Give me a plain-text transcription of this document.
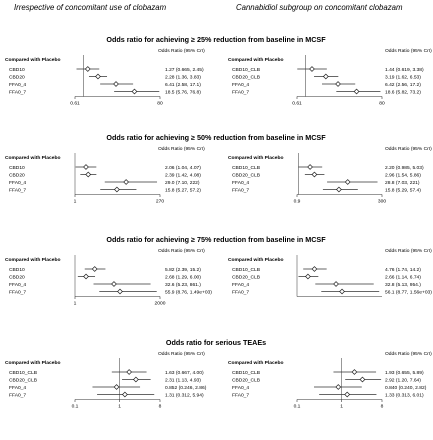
Irrespective of concomitant use of clobazam	Cannabidiol subgroup on concomitant clobazam
Odds ratio for achieving ≥ 25% reduction from baseline in MCSF
Odds Ratio (95% CrI)
Compared with Placebo
0.61	80
CBD10	1.27 (0.665, 2.45)
CBD20	2.28 (1.36, 3.83)
FFA0_4	6.41 (2.58, 17.1)
FFA0_7	18.5 (5.76, 76.8)
Odds Ratio (95% CrI)
Compared with Placebo
0.61	80
CBD10_CLB	1.44 (0.619, 3.38)
CBD20_CLB	3.19 (1.62, 6.53)
FFA0_4	6.42 (2.56, 17.2)
FFA0_7	18.6 (5.82, 73.2)
Odds ratio for achieving ≥ 50% reduction from baseline in MCSF
Odds Ratio (95% CrI)
Compared with Placebo
1	270
CBD10	2.06 (1.04, 4.07)
CBD20	2.39 (1.42, 4.08)
FFA0_4	29.0 (7.10, 222)
FFA0_7	15.8 (5.27, 57.2)
Odds Ratio (95% CrI)
Compared with Placebo
0.9	300
CBD10_CLB	2.20 (0.985, 5.03)
CBD20_CLB	2.96 (1.54, 5.86)
FFA0_4	28.8 (7.03, 221)
FFA0_7	15.8 (5.29, 57.4)
Odds ratio for achieving ≥ 75% reduction from baseline in MCSF
Odds Ratio (95% CrI)
Compared with Placebo
1	2000
CBD10	5.82 (2.39, 15.2)
CBD20	2.68 (1.29, 6.00)
FFA0_4	32.6 (5.23, 861.)
FFA0_7	55.9 (8.76, 1.49e+03)
Odds Ratio (95% CrI)
Compared with Placebo
CBD10_CLB	4.76 (1.74, 14.2)
CBD20_CLB	2.66 (1.14, 6.74)
FFA0_4	32.8 (5.13, 954.)
FFA0_7	56.1 (8.77, 1.56e+03)
Odds ratio for serious TEAEs
Odds Ratio (95% CrI)
Compared with Placebo
0.1	1	8
CBD10_CLB	1.63 (0.667, 4.00)
CBD20_CLB	2.31 (1.13, 4.93)
FFA0_4	0.852 (0.246, 2.86)
FFA0_7	1.31 (0.312, 5.94)
Odds Ratio (95% CrI)
Compared with Placebo
0.1	1	8
CBD10_CLB	1.93 (0.655, 5.89)
CBD20_CLB	2.92 (1.20, 7.64)
FFA0_4	0.840 (0.240, 2.82)
FFA0_7	1.33 (0.313, 6.01)
